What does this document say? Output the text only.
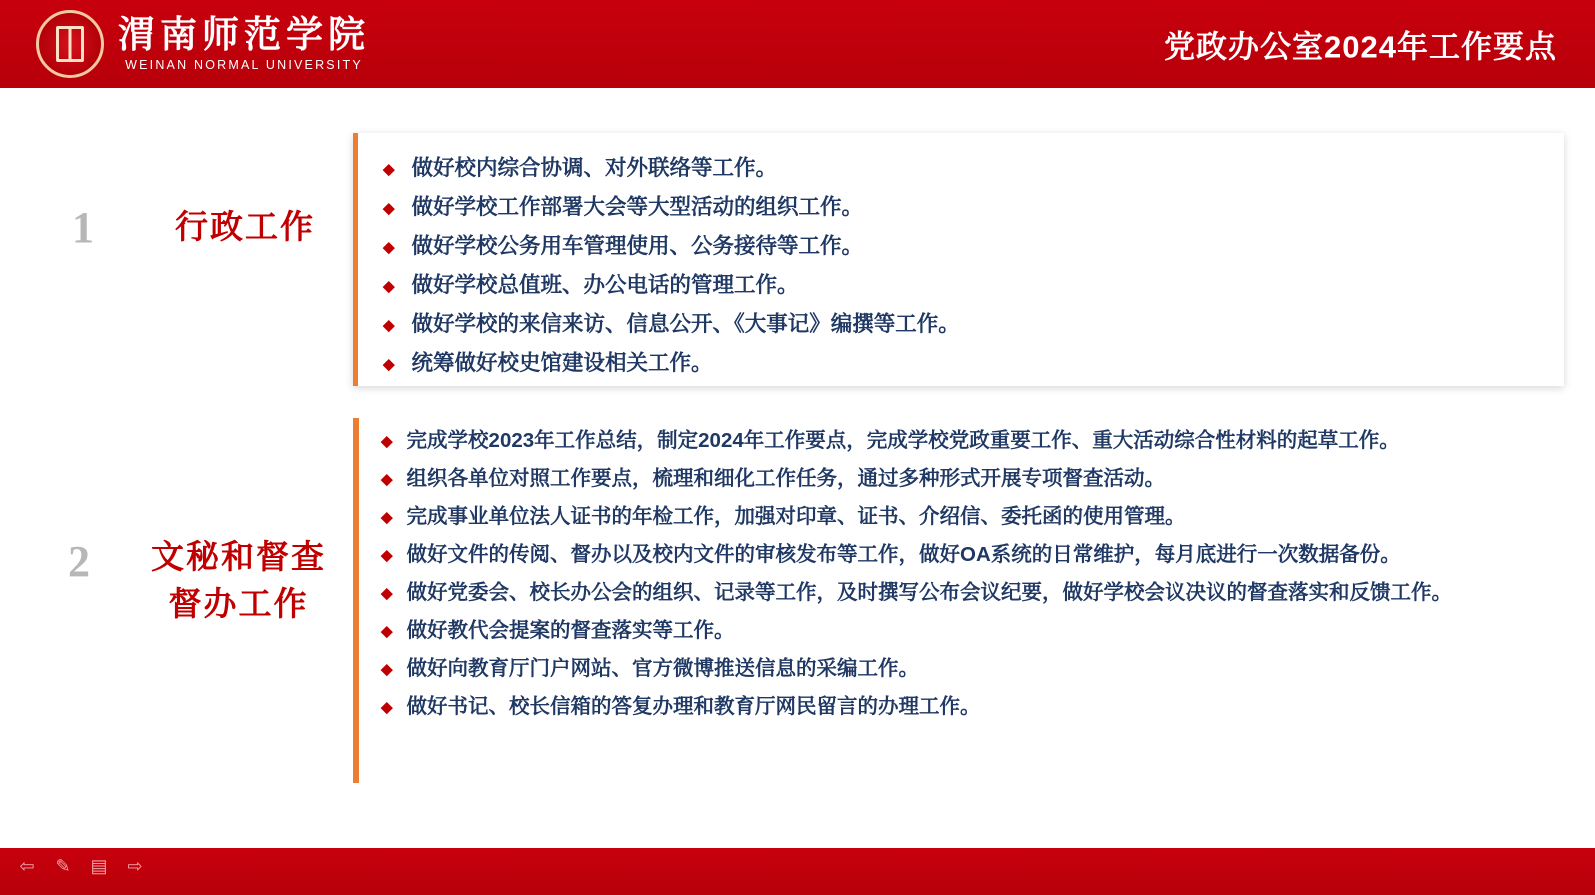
渭南师范学院
WEINAN NORMAL UNIVERSITY
党政办公室2024年工作要点
1	行政工作
◆ 做好校内综合协调、对外联络等工作。
◆ 做好学校工作部署大会等大型活动的组织工作。
◆ 做好学校公务用车管理使用、公务接待等工作。
◆ 做好学校总值班、办公电话的管理工作。
◆ 做好学校的来信来访、信息公开、《大事记》编撰等工作。
◆ 统筹做好校史馆建设相关工作。
2	文秘和督查
督办工作
◆ 完成学校2023年工作总结，制定2024年工作要点，完成学校党政重要工作、重大活动综合性材料的起草工作。
◆ 组织各单位对照工作要点，梳理和细化工作任务，通过多种形式开展专项督查活动。
◆ 完成事业单位法人证书的年检工作，加强对印章、证书、介绍信、委托函的使用管理。
◆ 做好文件的传阅、督办以及校内文件的审核发布等工作，做好OA系统的日常维护，每月底进行一次数据备份。
◆ 做好党委会、校长办公会的组织、记录等工作，及时撰写公布会议纪要，做好学校会议决议的督查落实和反馈工作。
◆ 做好教代会提案的督查落实等工作。
◆ 做好向教育厅门户网站、官方微博推送信息的采编工作。
◆ 做好书记、校长信箱的答复办理和教育厅网民留言的办理工作。
⇦ ✎ ▤ ⇨
